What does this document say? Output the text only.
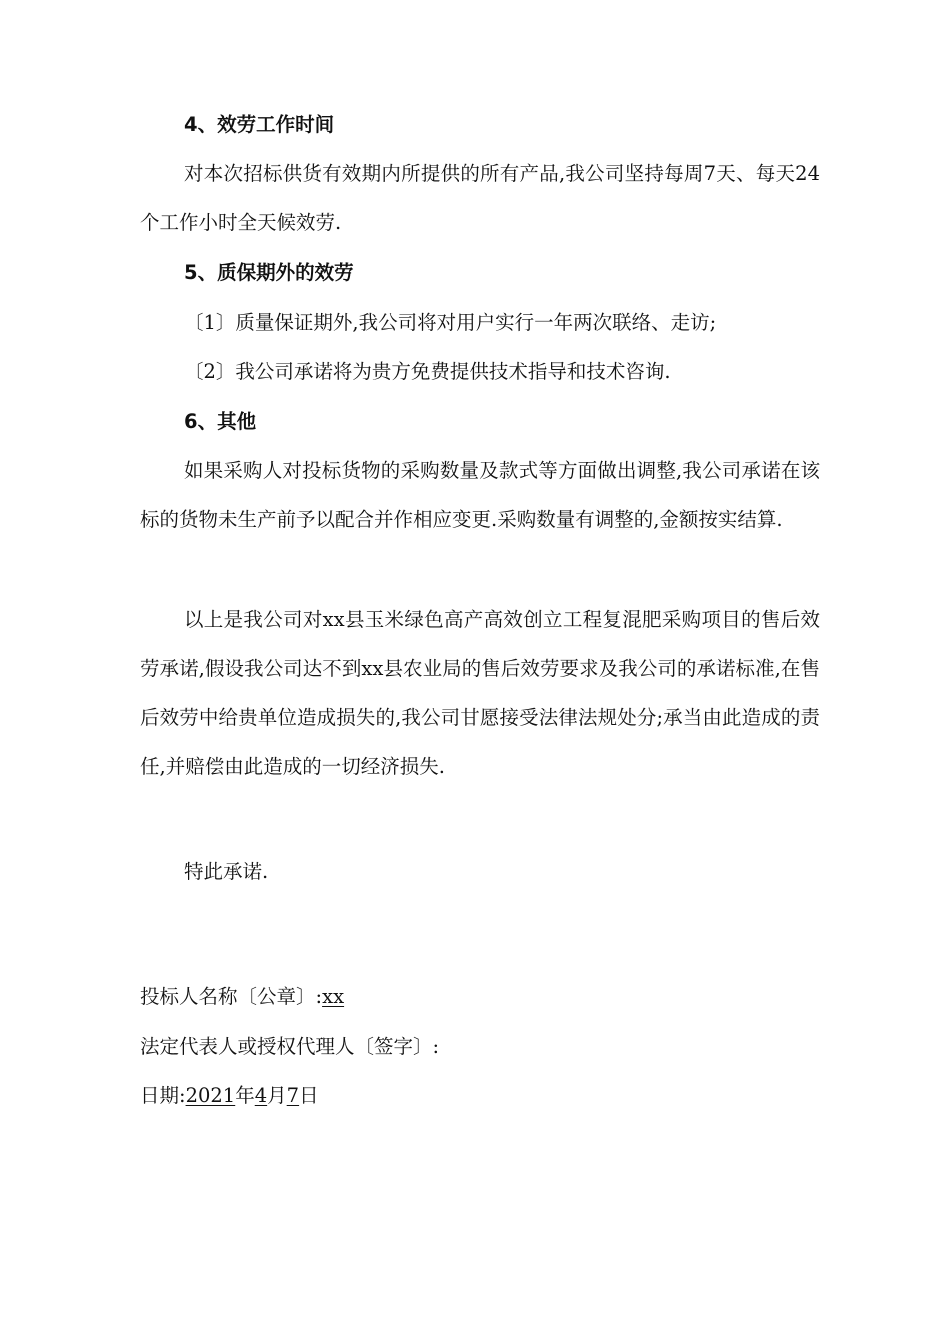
4、效劳工作时间

对本次招标供货有效期内所提供的所有产品,我公司坚持每周7天、每天24个工作小时全天候效劳.

5、质保期外的效劳
〔1〕质量保证期外,我公司将对用户实行一年两次联络、走访;
〔2〕我公司承诺将为贵方免费提供技术指导和技术咨询.
6、其他

如果采购人对投标货物的采购数量及款式等方面做出调整,我公司承诺在该标的货物未生产前予以配合并作相应变更.采购数量有调整的,金额按实结算.

以上是我公司对xx县玉米绿色高产高效创立工程复混肥采购项目的售后效劳承诺,假设我公司达不到xx县农业局的售后效劳要求及我公司的承诺标准,在售后效劳中给贵单位造成损失的,我公司甘愿接受法律法规处分;承当由此造成的责任,并赔偿由此造成的一切经济损失.

特此承诺.
投标人名称〔公章〕:xx
法定代表人或授权代理人〔签字〕:
日期:2021年4月7日
